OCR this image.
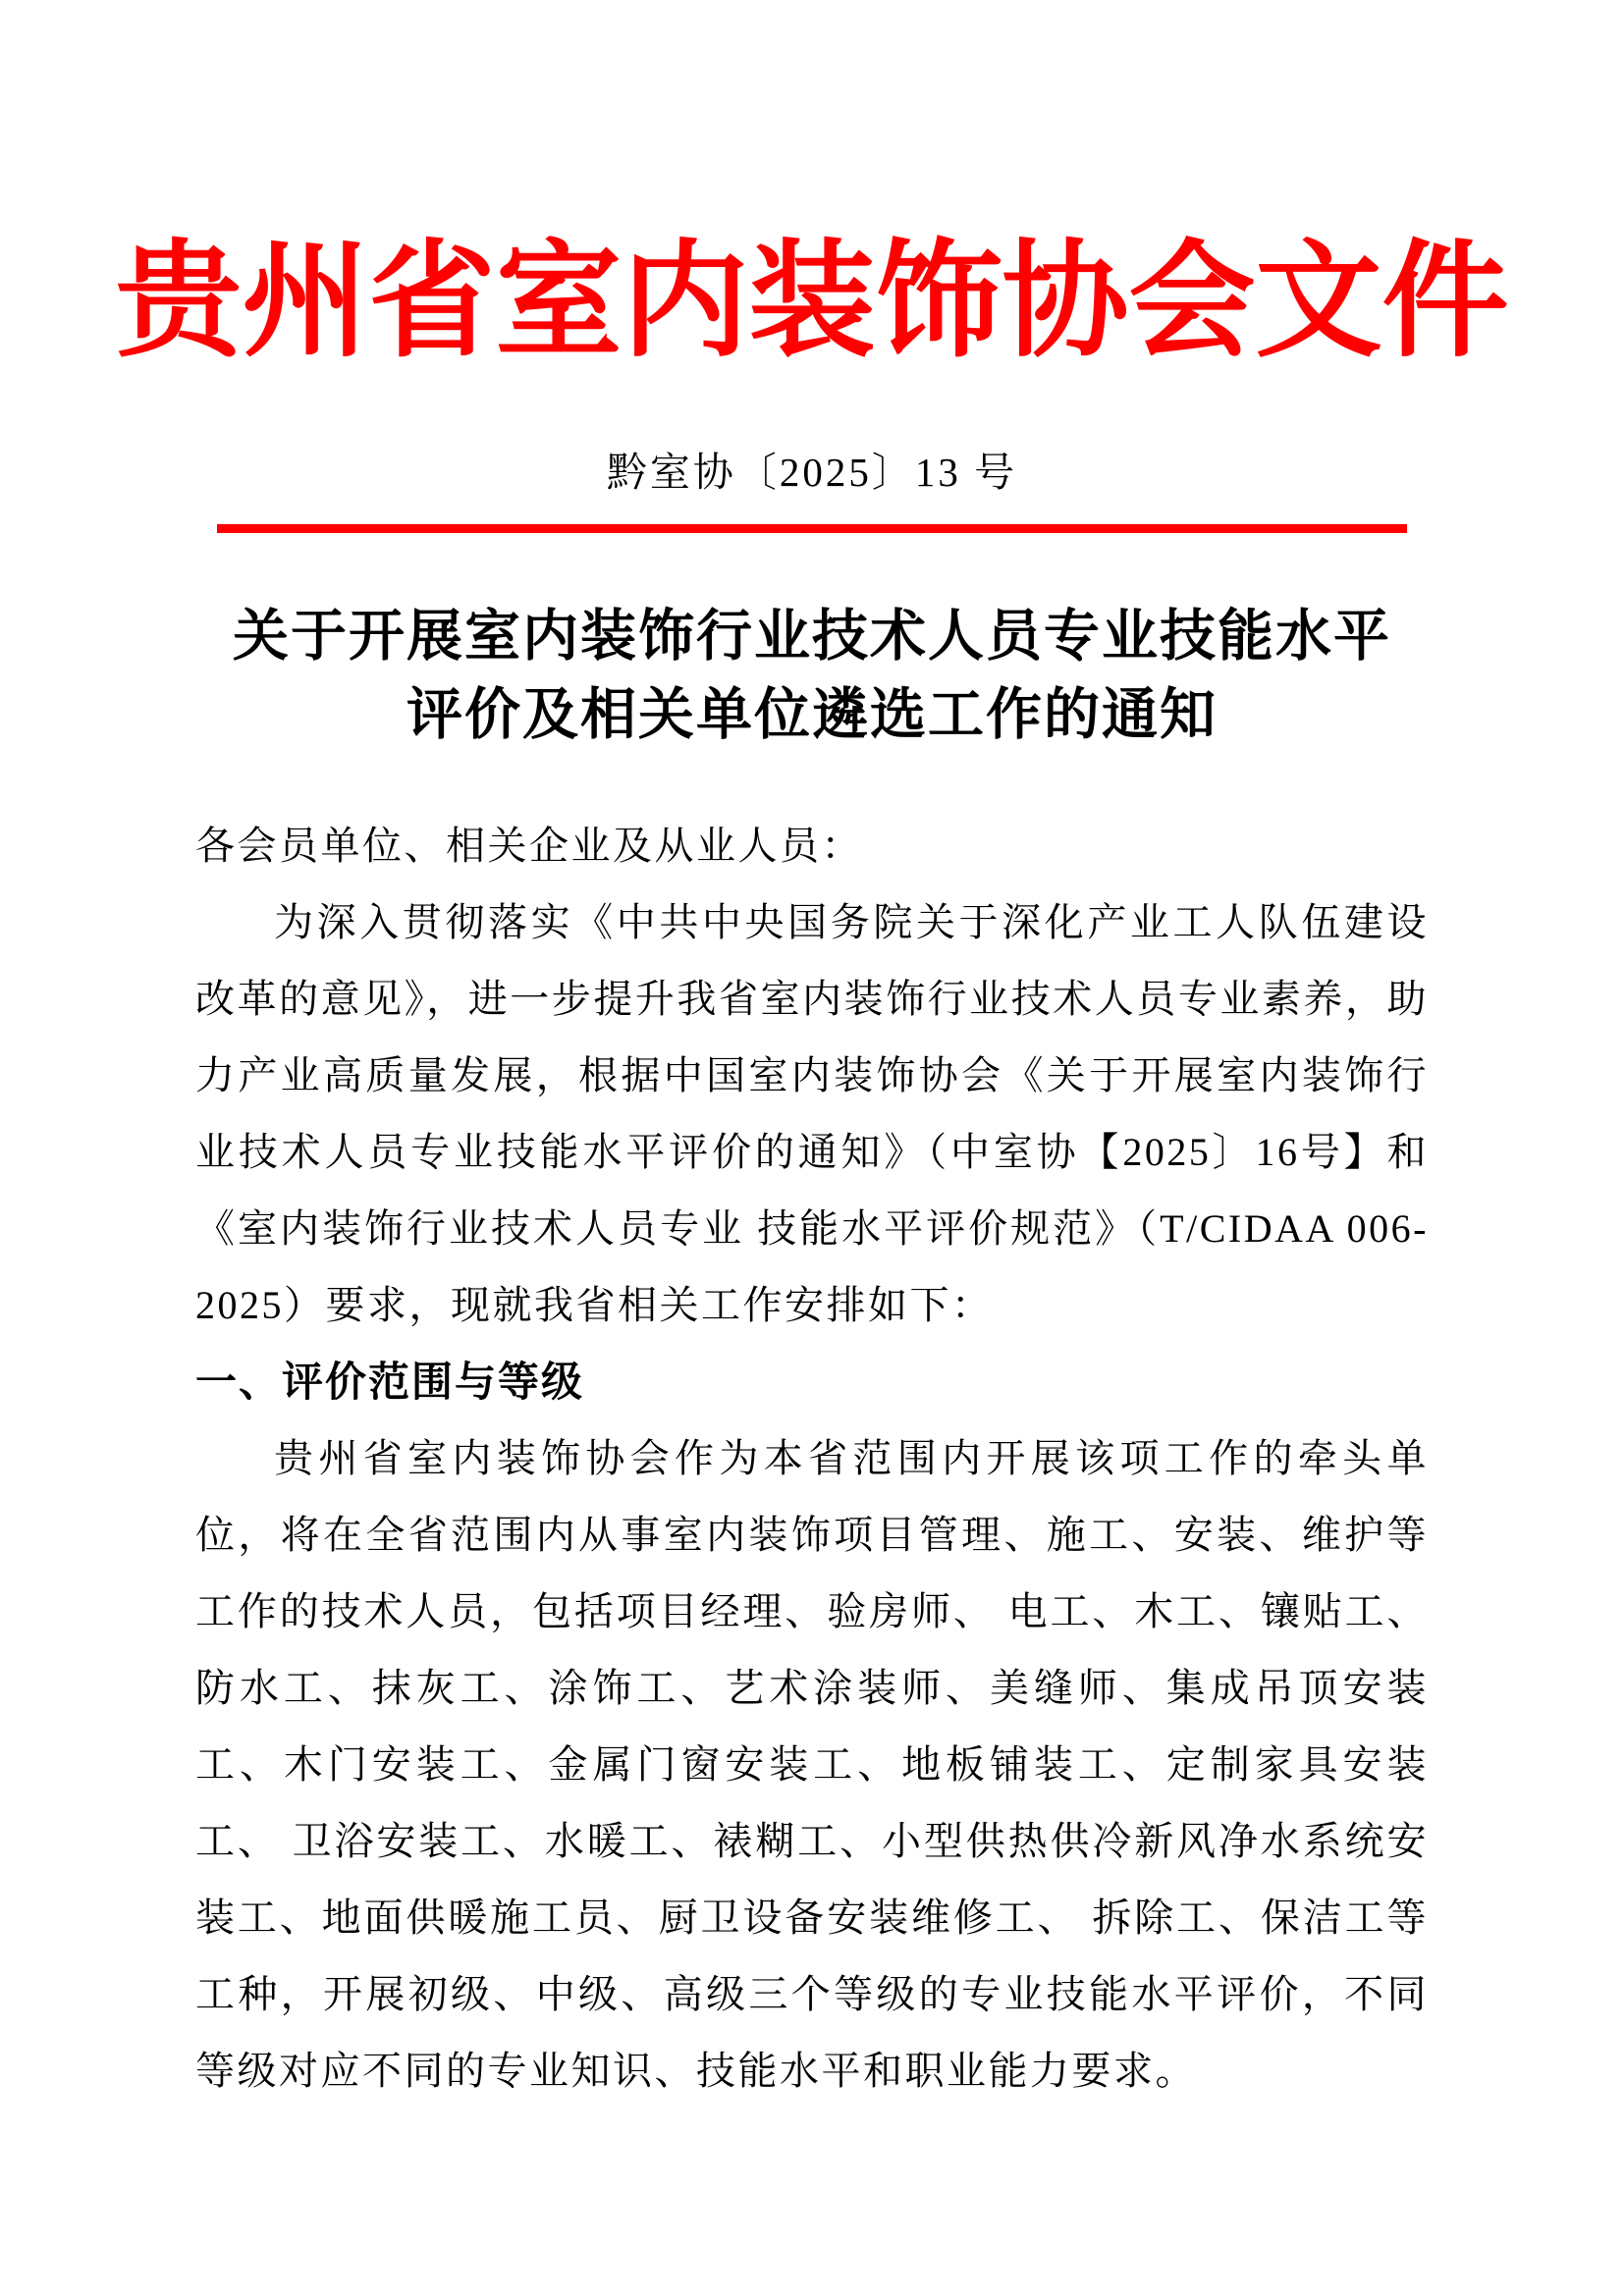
贵州省室内装饰协会文件
黔室协〔2025〕13 号
关于开展室内装饰行业技术人员专业技能水平
评价及相关单位遴选工作的通知

各会员单位、相关企业及从业人员：

为深入贯彻落实《中共中央国务院关于深化产业工人队伍建设改革的意见》，进一步提升我省室内装饰行业技术人员专业素养，助力产业高质量发展，根据中国室内装饰协会《关于开展室内装饰行业技术人员专业技能水平评价的通知》（中室协【2025〕16号】和《室内装饰行业技术人员专业 技能水平评价规范》（T/CIDAA 006-2025）要求，现就我省相关工作安排如下：

一、评价范围与等级

贵州省室内装饰协会作为本省范围内开展该项工作的牵头单位，将在全省范围内从事室内装饰项目管理、施工、安装、维护等工作的技术人员，包括项目经理、验房师、 电工、木工、镶贴工、防水工、抹灰工、涂饰工、艺术涂装师、美缝师、集成吊顶安装工、木门安装工、金属门窗安装工、地板铺装工、定制家具安装工、 卫浴安装工、水暖工、裱糊工、小型供热供冷新风净水系统安装工、地面供暖施工员、厨卫设备安装维修工、 拆除工、保洁工等工种，开展初级、中级、高级三个等级的专业技能水平评价，不同等级对应不同的专业知识、技能水平和职业能力要求。
